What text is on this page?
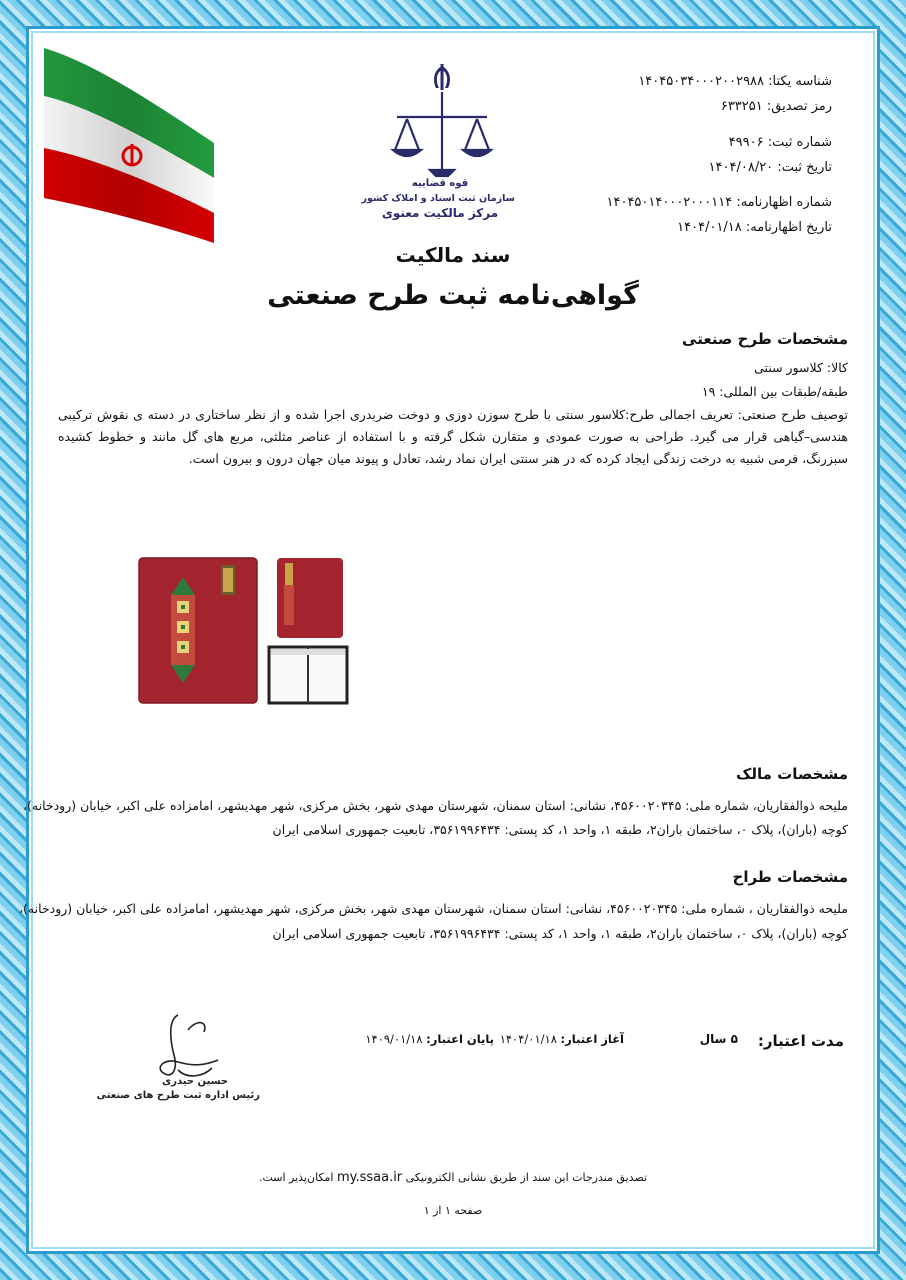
قوه قضاییه
سازمان ثبت اسناد و املاک کشور
مرکز مالکیت معنوی
شناسه یکتا: ۱۴۰۴۵۰۳۴۰۰۰۲۰۰۲۹۸۸
رمز تصدیق: ۶۳۳۲۵۱
شماره ثبت: ۴۹۹۰۶
تاریخ ثبت: ۱۴۰۴/۰۸/۲۰
شماره اظهارنامه: ۱۴۰۴۵۰۱۴۰۰۰۲۰۰۰۱۱۴
تاریخ اظهارنامه: ۱۴۰۴/۰۱/۱۸
سند مالکیت
گواهی‌نامه ثبت طرح صنعتی
مشخصات طرح صنعتی
کالا: کلاسور سنتی
طبقه/طبقات بین المللی: ۱۹
توصیف طرح صنعتی: تعریف اجمالی طرح:کلاسور سنتی با طرح سوزن دوزی و دوخت ضربدری اجرا شده و از نظر ساختاری در دسته ی نقوش ترکیبی هندسی–گیاهی قرار می گیرد. طراحی به صورت عمودی و متقارن شکل گرفته و با استفاده از عناصر مثلثی، مربع های گل مانند و خطوط کشیده سبزرنگ، فرمی شبیه به درخت زندگی ایجاد کرده که در هنر سنتی ایران نماد رشد، تعادل و پیوند میان جهان درون و بیرون است.
مشخصات مالک
ملیحه ذوالفقاریان، شماره ملی: ۴۵۶۰۰۲۰۳۴۵، نشانی: استان سمنان، شهرستان مهدی شهر، بخش مرکزی، شهر مهدیشهر، امامزاده علی اکبر، خیابان (رودخانه)،
کوچه (باران)، پلاک ۰، ساختمان باران۲، طبقه ۱، واحد ۱، کد پستی: ۳۵۶۱۹۹۶۴۳۴، تابعیت جمهوری اسلامی ایران
مشخصات طراح
ملیحه ذوالفقاریان ، شماره ملی: ۴۵۶۰۰۲۰۳۴۵، نشانی: استان سمنان، شهرستان مهدی شهر، بخش مرکزی، شهر مهدیشهر، امامزاده علی اکبر، خیابان (رودخانه)،
کوچه (باران)، پلاک ۰، ساختمان باران۲، طبقه ۱، واحد ۱، کد پستی: ۳۵۶۱۹۹۶۴۳۴، تابعیت جمهوری اسلامی ایران
مدت اعتبار:
۵ سال
آغاز اعتبار: ۱۴۰۴/۰۱/۱۸
پایان اعتبار: ۱۴۰۹/۰۱/۱۸
حسین حیدری
رئیس اداره ثبت طرح های صنعتی
تصدیق مندرجات این سند از طریق نشانی الکترونیکی my.ssaa.ir امکان‌پذیر است.
صفحه ۱ از ۱
